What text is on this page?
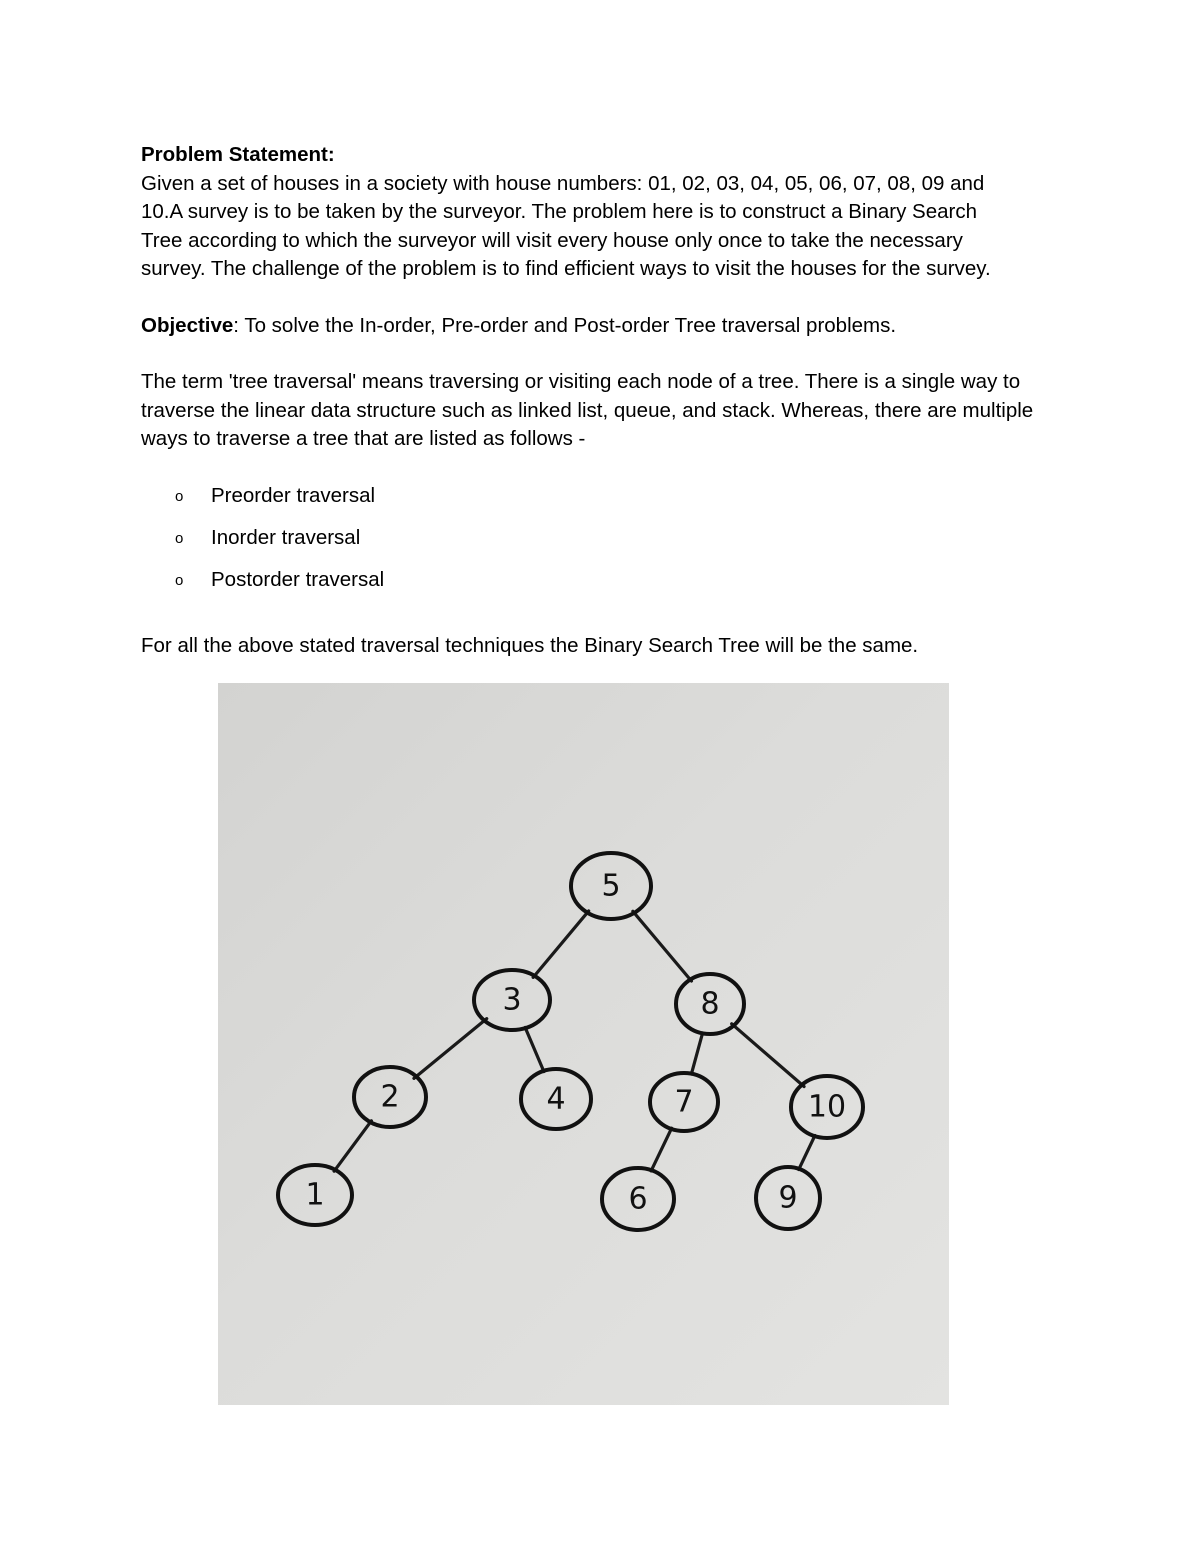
Problem Statement:
Given a set of houses in a society with house numbers: 01, 02, 03, 04, 05, 06, 07, 08, 09 and
10.A survey is to be taken by the surveyor. The problem here is to construct a Binary Search
Tree according to which the surveyor will visit every house only once to take the necessary
survey. The challenge of the problem is to find efficient ways to visit the houses for the survey.
Objective: To solve the In-order, Pre-order and Post-order Tree traversal problems.
The term 'tree traversal' means traversing or visiting each node of a tree. There is a single way to
traverse the linear data structure such as linked list, queue, and stack. Whereas, there are multiple
ways to traverse a tree that are listed as follows -
o Preorder traversal
o Inorder traversal
o Postorder traversal
For all the above stated traversal techniques the Binary Search Tree will be the same.
5
3	8
2	4	7	10
1	6	9
